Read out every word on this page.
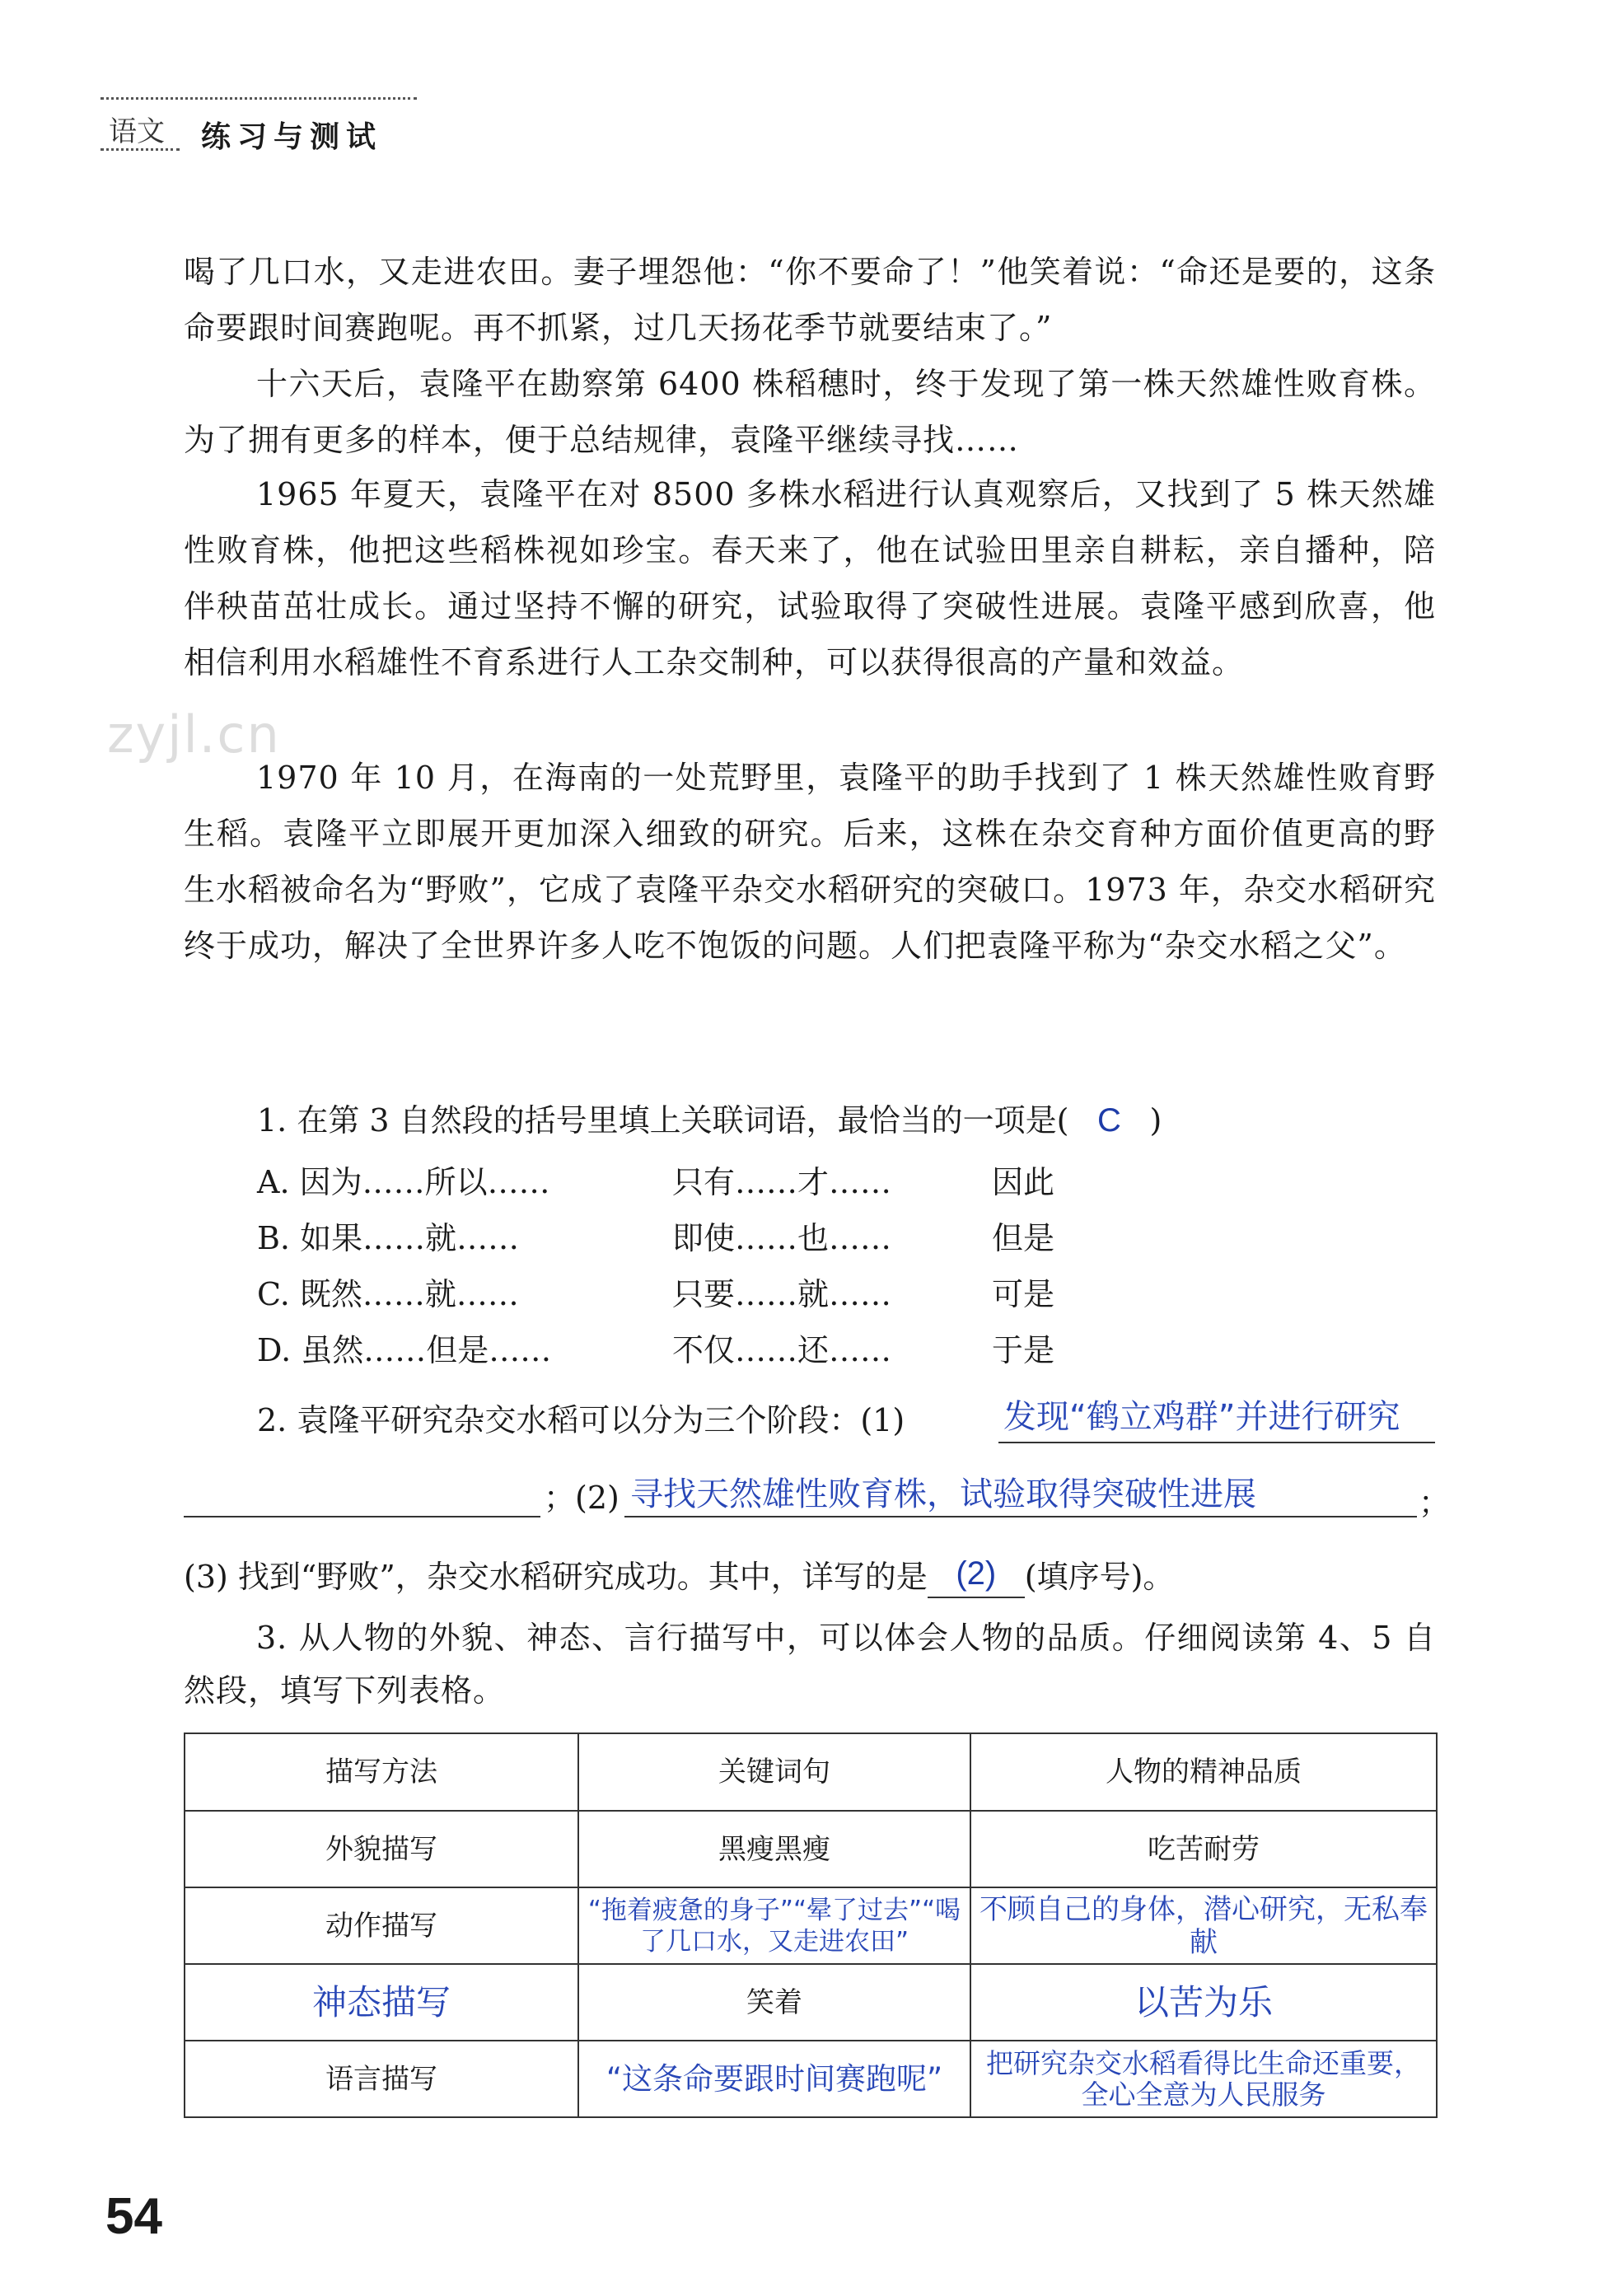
语文 练习与测试
喝了几口水，又走进农田。妻子埋怨他：“你不要命了！”他笑着说：“命还是要的，这条命要跟时间赛跑呢。再不抓紧，过几天扬花季节就要结束了。”
十六天后，袁隆平在勘察第 6400 株稻穗时，终于发现了第一株天然雄性败育株。为了拥有更多的样本，便于总结规律，袁隆平继续寻找……
1965 年夏天，袁隆平在对 8500 多株水稻进行认真观察后，又找到了 5 株天然雄性败育株，他把这些稻株视如珍宝。春天来了，他在试验田里亲自耕耘，亲自播种，陪伴秧苗茁壮成长。通过坚持不懈的研究，试验取得了突破性进展。袁隆平感到欣喜，他相信利用水稻雄性不育系进行人工杂交制种，可以获得很高的产量和效益。
1970 年 10 月，在海南的一处荒野里，袁隆平的助手找到了 1 株天然雄性败育野生稻。袁隆平立即展开更加深入细致的研究。后来，这株在杂交育种方面价值更高的野生水稻被命名为“野败”，它成了袁隆平杂交水稻研究的突破口。1973 年，杂交水稻研究终于成功，解决了全世界许多人吃不饱饭的问题。人们把袁隆平称为“杂交水稻之父”。
zyjl.cn
1. 在第 3 自然段的括号里填上关联词语，最恰当的一项是( C )
A. 因为……所以……	只有……才……	因此
B. 如果……就……	即使……也……	但是
C. 既然……就……	只要……就……	可是
D. 虽然……但是……	不仅……还……	于是
2. 袁隆平研究杂交水稻可以分为三个阶段：(1)	发现“鹤立鸡群”并进行研究
；(2) 寻找天然雄性败育株，试验取得突破性进展	；
(3) 找到“野败”，杂交水稻研究成功。其中，详写的是 (2) (填序号)。
3. 从人物的外貌、神态、言行描写中，可以体会人物的品质。仔细阅读第 4、5 自然段，填写下列表格。
描写方法	关键词句	人物的精神品质
外貌描写	黑瘦黑瘦	吃苦耐劳
动作描写	“拖着疲惫的身子”“晕了过去”“喝了几口水，又走进农田”	不顾自己的身体，潜心研究，无私奉献
神态描写	笑着	以苦为乐
语言描写	“这条命要跟时间赛跑呢”	把研究杂交水稻看得比生命还重要，全心全意为人民服务
54
